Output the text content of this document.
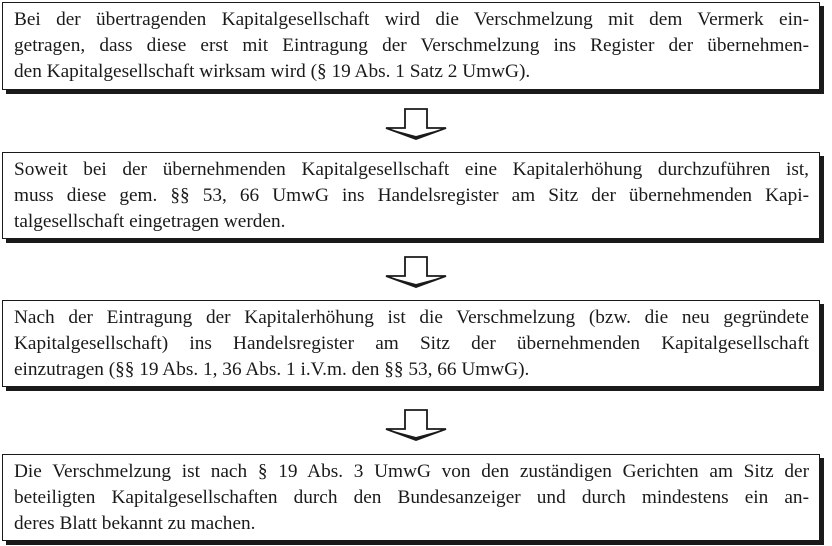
Bei der übertragenden Kapitalgesellschaft wird die Verschmelzung mit dem Vermerk ein-
getragen, dass diese erst mit Eintragung der Verschmelzung ins Register der übernehmen-
den Kapitalgesellschaft wirksam wird (§ 19 Abs. 1 Satz 2 UmwG).
Soweit bei der übernehmenden Kapitalgesellschaft eine Kapitalerhöhung durchzuführen ist,
muss diese gem. §§ 53, 66 UmwG ins Handelsregister am Sitz der übernehmenden Kapi-
talgesellschaft eingetragen werden.
Nach der Eintragung der Kapitalerhöhung ist die Verschmelzung (bzw. die neu gegründete
Kapitalgesellschaft) ins Handelsregister am Sitz der übernehmenden Kapitalgesellschaft
einzutragen (§§ 19 Abs. 1, 36 Abs. 1 i.V.m. den §§ 53, 66 UmwG).
Die Verschmelzung ist nach § 19 Abs. 3 UmwG von den zuständigen Gerichten am Sitz der
beteiligten Kapitalgesellschaften durch den Bundesanzeiger und durch mindestens ein an-
deres Blatt bekannt zu machen.
